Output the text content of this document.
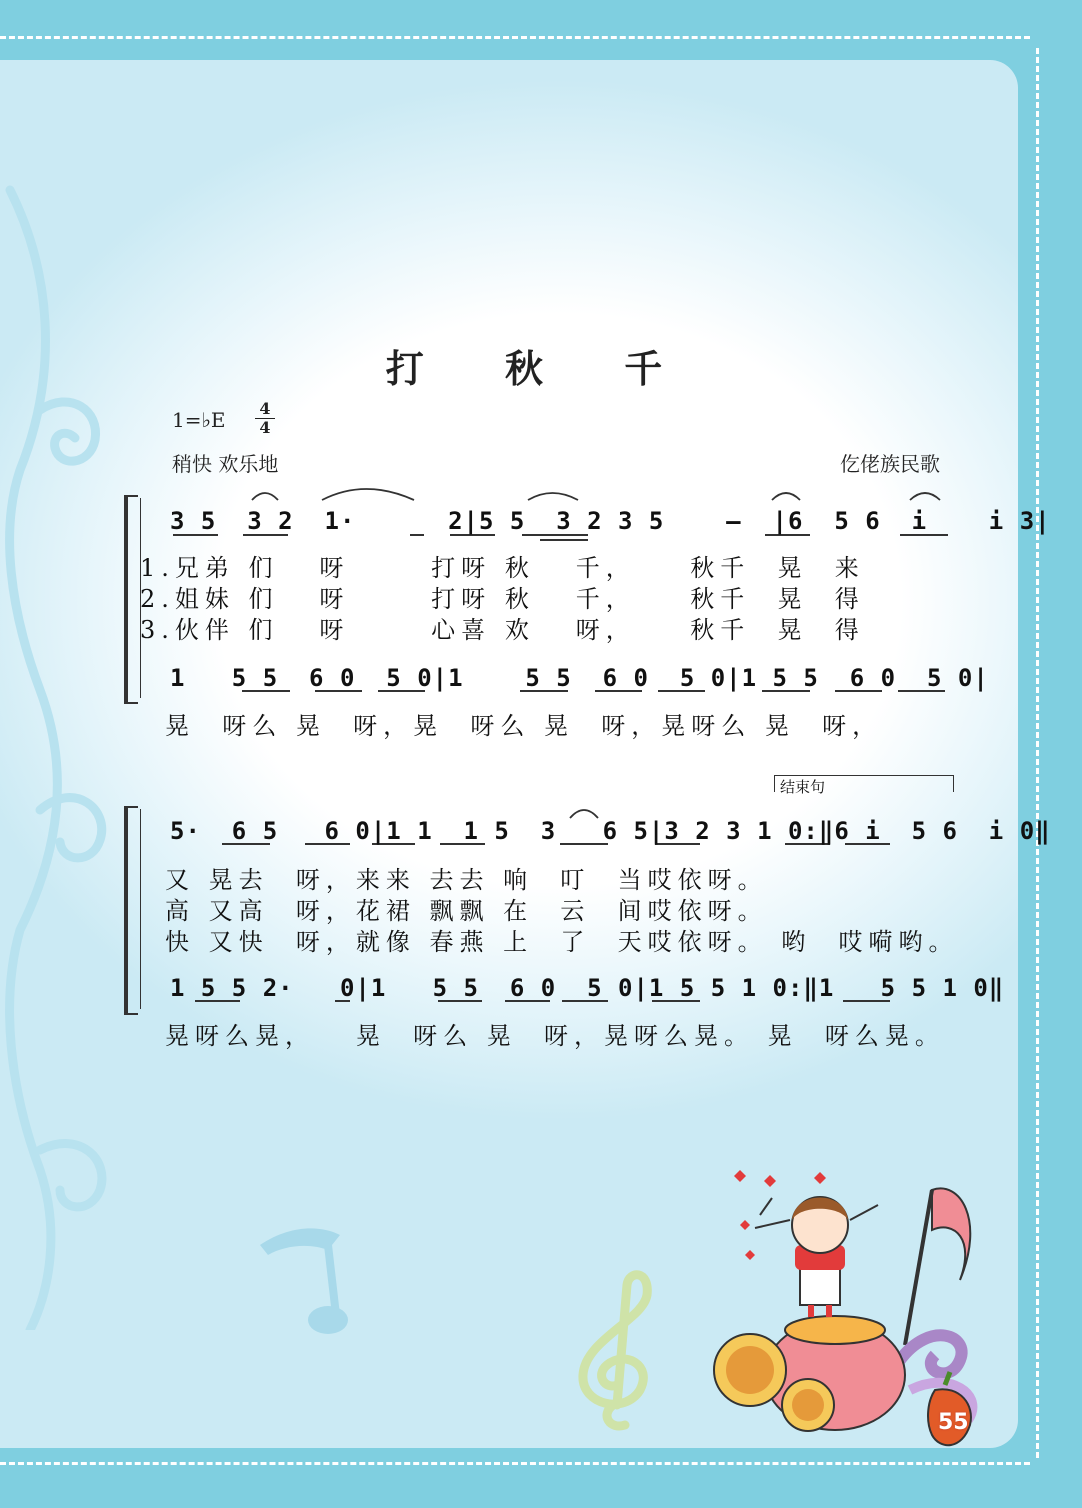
55
打 秋 千
1=♭E 4
4
稍快 欢乐地	仡佬族民歌
3 5  3 2  1·      2|5 5  3 2 3 5    –  |6  5 6  i    i 3|
1.兄弟 们   呀      打呀 秋   千，    秋千  晃  来
2.姐妹 们   呀      打呀 秋   千，    秋千  晃  得
3.伙伴 们   呀      心喜 欢   呀，    秋千  晃  得
1   5 5  6 0  5 0|1    5 5  6 0  5 0|1 5 5  6 0  5 0|
晃  呀么 晃  呀，晃  呀么 晃  呀，晃呀么 晃  呀，
结束句
5·  6 5   6 0|1 1  1 5  3   6 5|3 2 3 1 0:‖6 i  5 6  i 0‖
又 晃去  呀，来来 去去 响  叮  当哎依呀。
高 又高  呀，花裙 飘飘 在  云  间哎依呀。
快 又快  呀，就像 春燕 上  了  天哎依呀。 哟  哎嗬哟。
1 5 5 2·   0|1   5 5  6 0  5 0|1 5 5 1 0:‖1   5 5 1 0‖
晃呀么晃，   晃  呀么 晃  呀，晃呀么晃。 晃  呀么晃。
